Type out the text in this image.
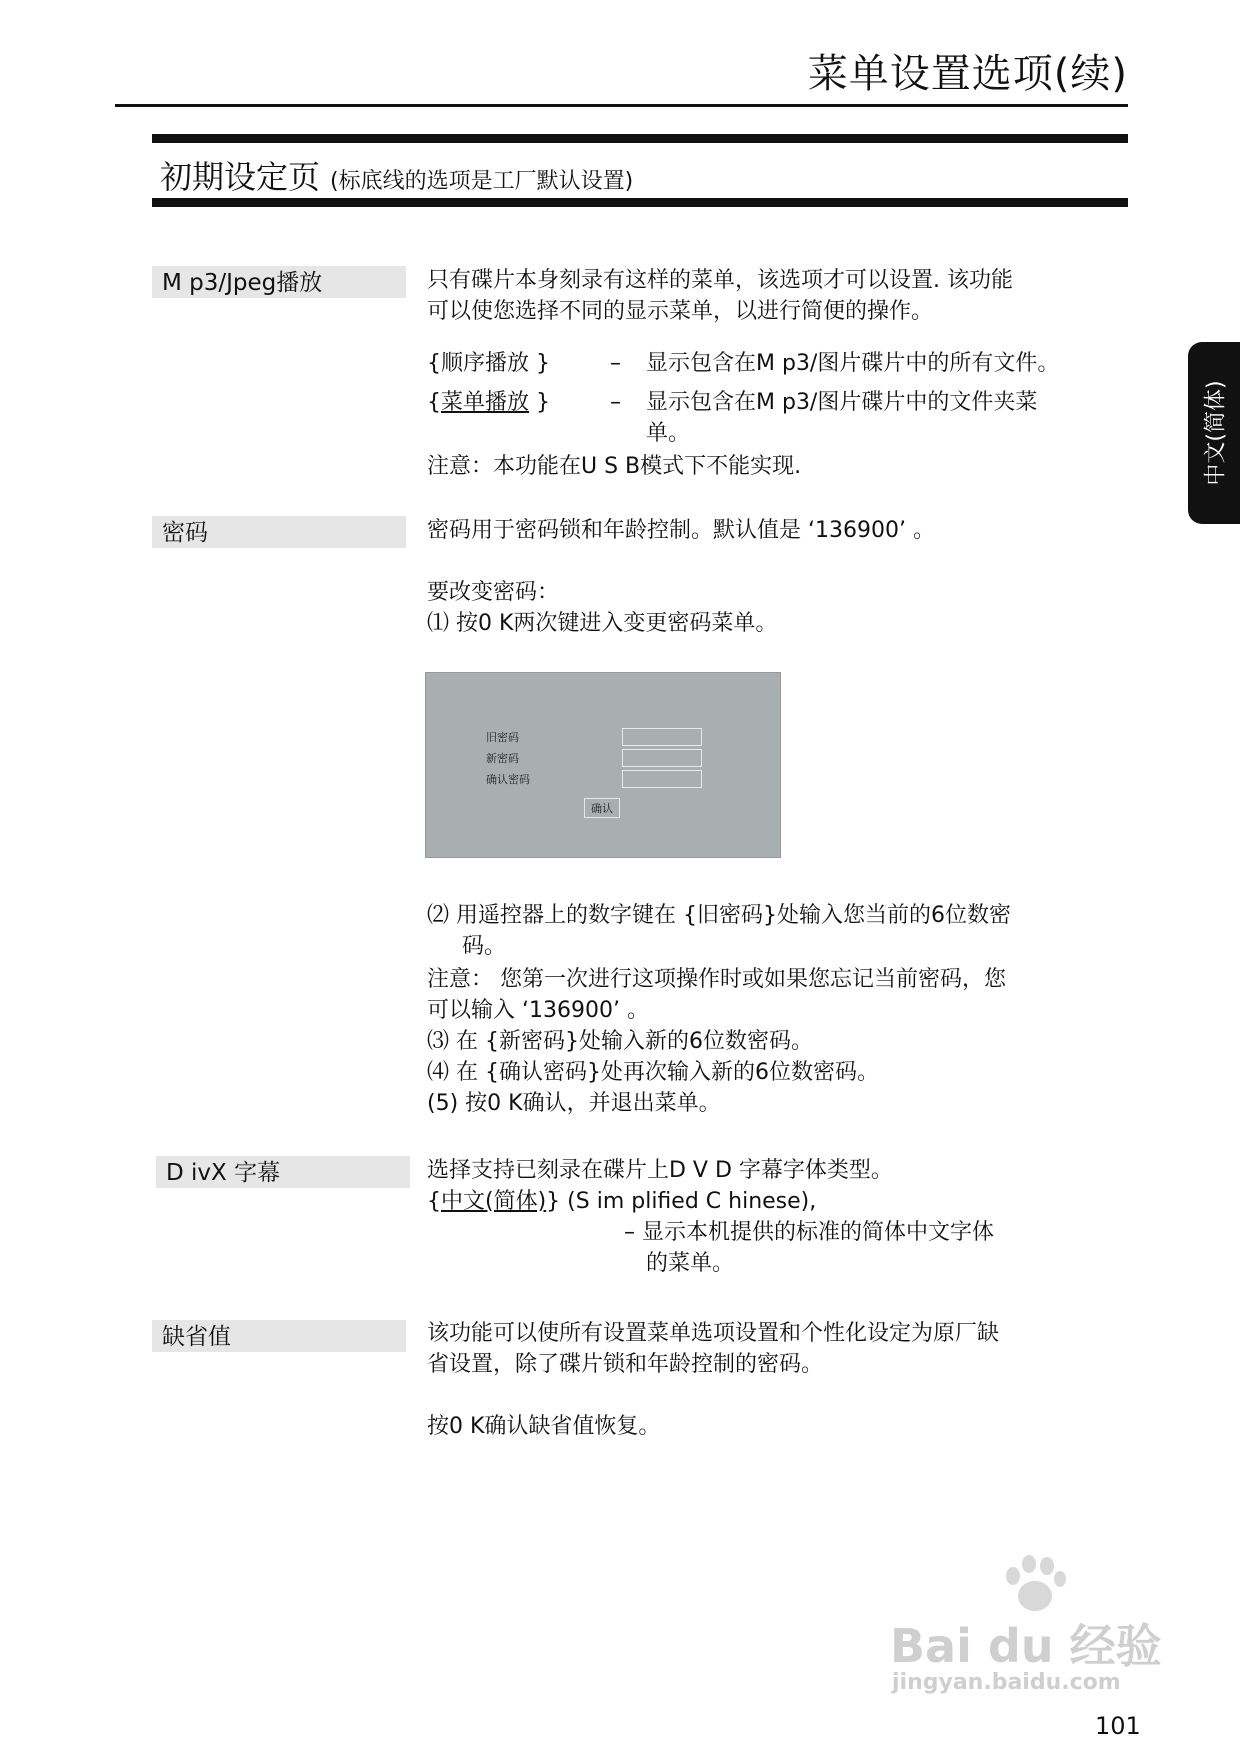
菜单设置选项(续)
初期设定页 (标底线的选项是工厂默认设置)
中文(简体)
M p3/Jpeg播放	只有碟片本身刻录有这样的菜单，该选项才可以设置. 该功能
可以使您选择不同的显示菜单，以进行简便的操作。
{顺序播放 }	– 显示包含在M p3/图片碟片中的所有文件。
{菜单播放 }	– 显示包含在M p3/图片碟片中的文件夹菜
单。
注意：本功能在U S B模式下不能实现.
密码	密码用于密码锁和年龄控制。默认值是 ‘136900’ 。
要改变密码：
⑴ 按0 K两次键进入变更密码菜单。
旧密码
新密码
确认密码
确认
⑵ 用遥控器上的数字键在 {旧密码}处输入您当前的6位数密
码。
注意： 您第一次进行这项操作时或如果您忘记当前密码，您
可以输入 ‘136900’ 。
⑶ 在 {新密码}处输入新的6位数密码。
⑷ 在 {确认密码}处再次输入新的6位数密码。
(5) 按0 K确认，并退出菜单。
D ivX 字幕	选择支持已刻录在碟片上D V D 字幕字体类型。
{中文(简体)} (S im plified C hinese),
– 显示本机提供的标准的简体中文字体
的菜单。
缺省值	该功能可以使所有设置菜单选项设置和个性化设定为原厂缺
省设置，除了碟片锁和年龄控制的密码。
按0 K确认缺省值恢复。
Bai du 经验
jingyan.baidu.com
101
